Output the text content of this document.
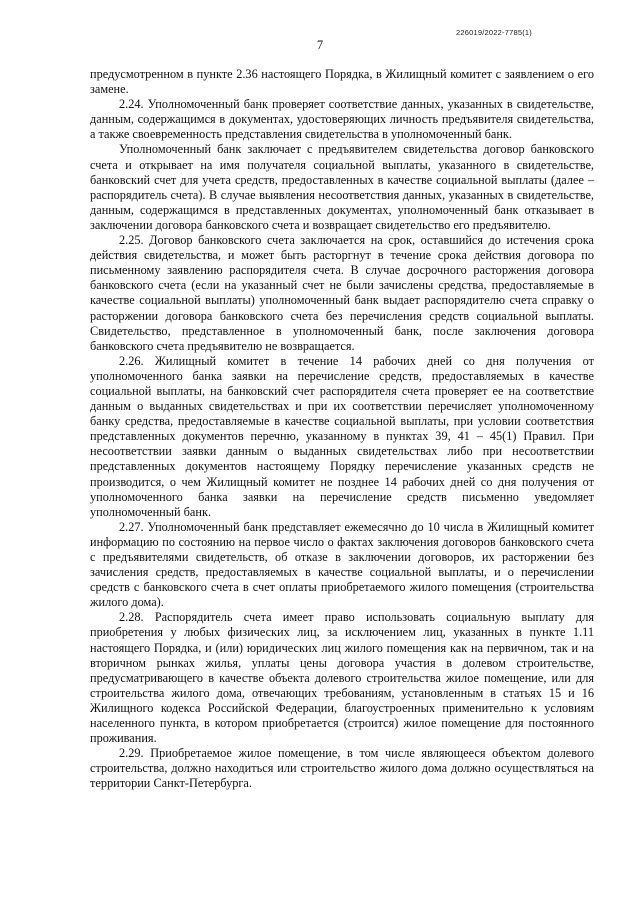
226019/2022-7785(1)
7

предусмотренном в пункте 2.36 настоящего Порядка, в Жилищный комитет с заявлением о его замене.

2.24. Уполномоченный банк проверяет соответствие данных, указанных в свидетельстве, данным, содержащимся в документах, удостоверяющих личность предъявителя свидетельства, а также своевременность представления свидетельства в уполномоченный банк.

Уполномоченный банк заключает с предъявителем свидетельства договор банковского счета и открывает на имя получателя социальной выплаты, указанного в свидетельстве, банковский счет для учета средств, предоставленных в качестве социальной выплаты (далее – распорядитель счета). В случае выявления несоответствия данных, указанных в свидетельстве, данным, содержащимся в представленных документах, уполномоченный банк отказывает в заключении договора банковского счета и возвращает свидетельство его предъявителю.

2.25. Договор банковского счета заключается на срок, оставшийся до истечения срока действия свидетельства, и может быть расторгнут в течение срока действия договора по письменному заявлению распорядителя счета. В случае досрочного расторжения договора банковского счета (если на указанный счет не были зачислены средства, предоставляемые в качестве социальной выплаты) уполномоченный банк выдает распорядителю счета справку о расторжении договора банковского счета без перечисления средств социальной выплаты. Свидетельство, представленное в уполномоченный банк, после заключения договора банковского счета предъявителю не возвращается.

2.26. Жилищный комитет в течение 14 рабочих дней со дня получения от уполномоченного банка заявки на перечисление средств, предоставляемых в качестве социальной выплаты, на банковский счет распорядителя счета проверяет ее на соответствие данным о выданных свидетельствах и при их соответствии перечисляет уполномоченному банку средства, предоставляемые в качестве социальной выплаты, при условии соответствия представленных документов перечню, указанному в пунктах 39, 41 – 45(1) Правил. При несоответствии заявки данным о выданных свидетельствах либо при несоответствии представленных документов настоящему Порядку перечисление указанных средств не производится, о чем Жилищный комитет не позднее 14 рабочих дней со дня получения от уполномоченного банка заявки на перечисление средств письменно уведомляет уполномоченный банк.

2.27. Уполномоченный банк представляет ежемесячно до 10 числа в Жилищный комитет информацию по состоянию на первое число о фактах заключения договоров банковского счета с предъявителями свидетельств, об отказе в заключении договоров, их расторжении без зачисления средств, предоставляемых в качестве социальной выплаты, и о перечислении средств с банковского счета в счет оплаты приобретаемого жилого помещения (строительства жилого дома).

2.28. Распорядитель счета имеет право использовать социальную выплату для приобретения у любых физических лиц, за исключением лиц, указанных в пункте 1.11 настоящего Порядка, и (или) юридических лиц жилого помещения как на первичном, так и на вторичном рынках жилья, уплаты цены договора участия в долевом строительстве, предусматривающего в качестве объекта долевого строительства жилое помещение, или для строительства жилого дома, отвечающих требованиям, установленным в статьях 15 и 16 Жилищного кодекса Российской Федерации, благоустроенных применительно к условиям населенного пункта, в котором приобретается (строится) жилое помещение для постоянного проживания.

2.29. Приобретаемое жилое помещение, в том числе являющееся объектом долевого строительства, должно находиться или строительство жилого дома должно осуществляться на территории Санкт-Петербурга.
